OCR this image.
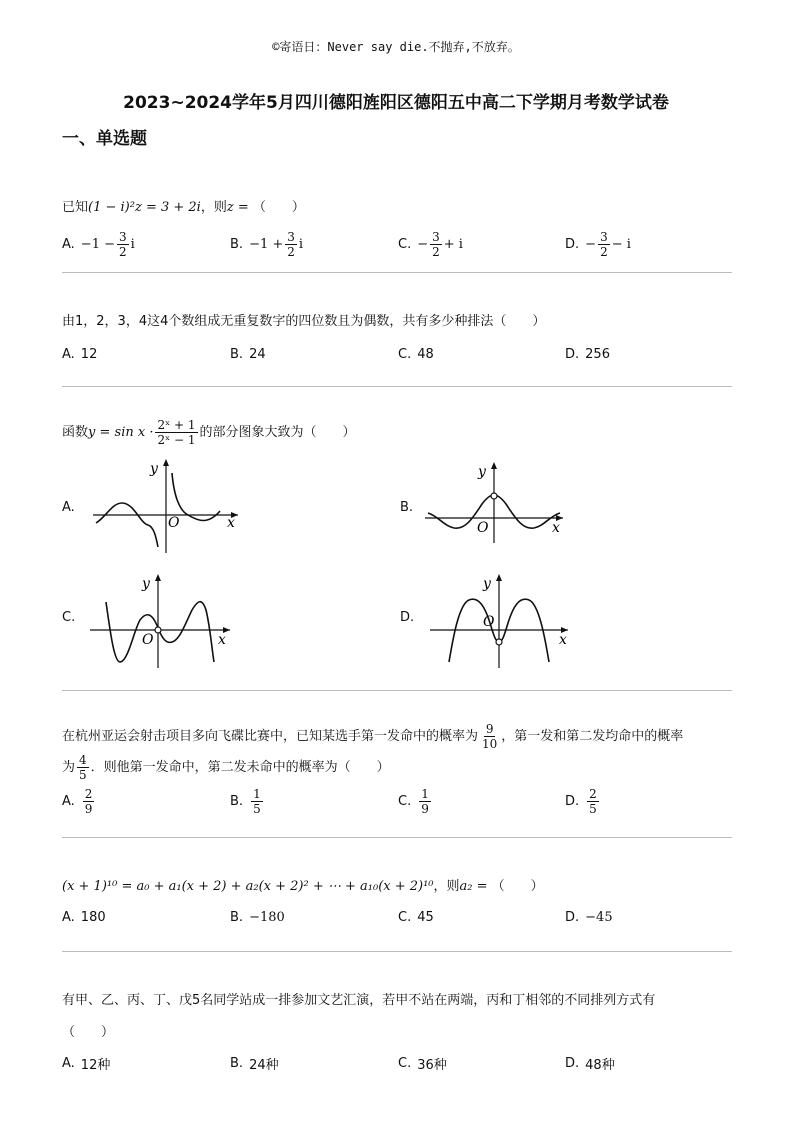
©寄语日：Never say die.不抛弃,不放弃。
2023~2024学年5月四川德阳旌阳区德阳五中高二下学期月考数学试卷
一、单选题
已知(1 − i)²z = 3 + 2i，则z = （　　）
A. $-1 - \frac{3}{2}$ i	B. $-1 + \frac{3}{2}$ i	C. − $\frac{3}{2} + i$	D. − $\frac{3}{2} - i$
由1，2，3，4这4个数组成无重复数字的四位数且为偶数，共有多少种排法（　　）
A. 12	B. 24	C. 48	D. 256
函数 $y = \sin x \cdot \frac{\text{2ˣ + 1}}{\text{2ˣ − 1}}$ 的部分图象大致为（　　）
A.	B.
C.	D.
y
x
O
y
x
O
y
x
O
y
x
O
在杭州亚运会射击项目多向飞碟比赛中，已知某选手第一发命中的概率为 $\frac{9}{10}$ ，第一发和第二发均命中的概率
为 $\frac{4}{5}$ ．则他第一发命中，第二发未命中的概率为（　　）
A. $\frac{2}{9}$	B. $\frac{1}{5}$	C. $\frac{1}{9}$	D. $\frac{2}{5}$
(x + 1)¹⁰ = a₀ + a₁(x + 2) + a₂(x + 2)² + ⋯ + a₁₀(x + 2)¹⁰，则a₂ = （　　）
A. 180	B. −180	C. 45	D. −45
有甲、乙、丙、丁、戊5名同学站成一排参加文艺汇演，若甲不站在两端，丙和丁相邻的不同排列方式有
（　　）
A. 12种	B. 24种	C. 36种	D. 48种
